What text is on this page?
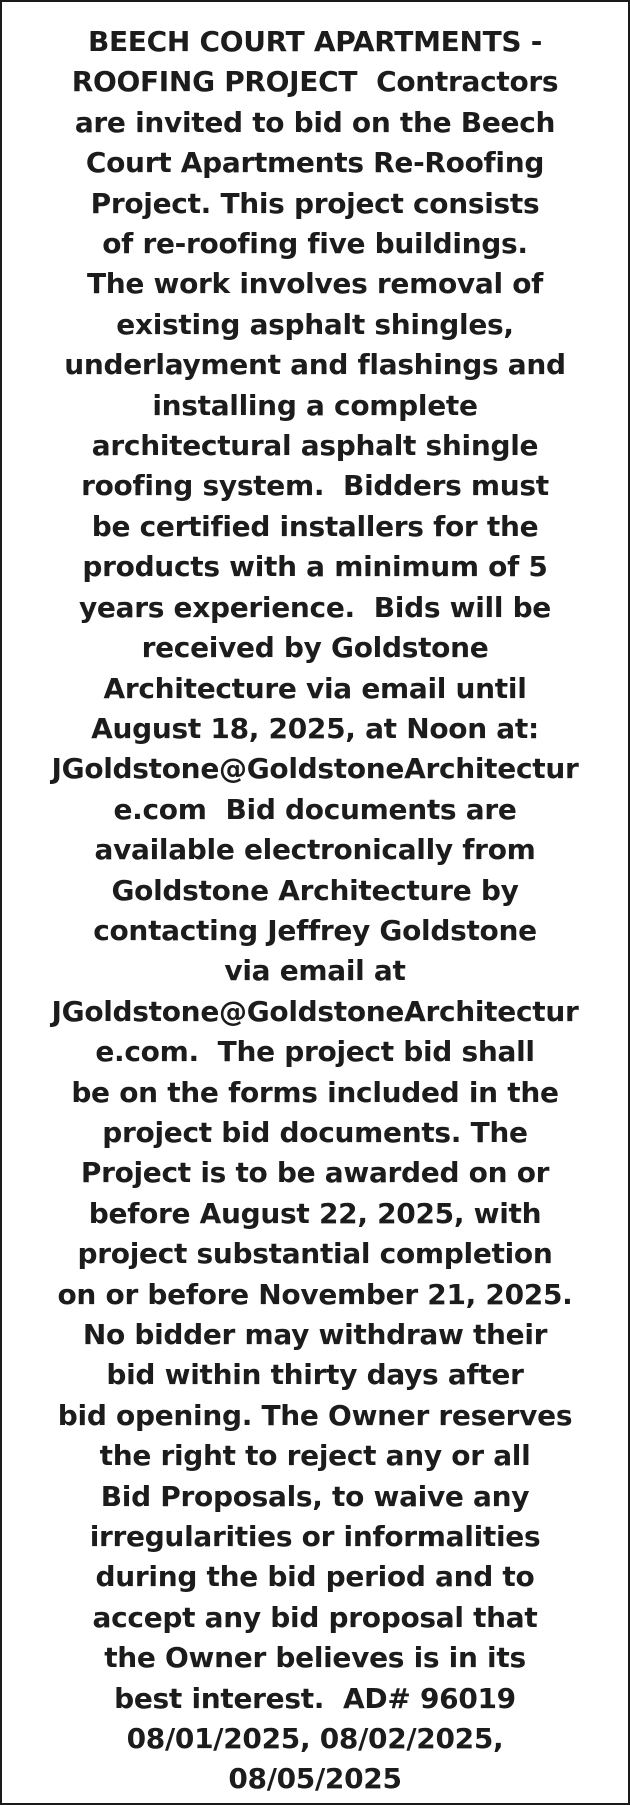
BEECH COURT APARTMENTS -
ROOFING PROJECT  Contractors
are invited to bid on the Beech
Court Apartments Re-Roofing
Project. This project consists
of re-roofing five buildings.
The work involves removal of
existing asphalt shingles,
underlayment and flashings and
installing a complete
architectural asphalt shingle
roofing system.  Bidders must
be certified installers for the
products with a minimum of 5
years experience.  Bids will be
received by Goldstone
Architecture via email until
August 18, 2025, at Noon at:
JGoldstone@GoldstoneArchitectur
e.com  Bid documents are
available electronically from
Goldstone Architecture by
contacting Jeffrey Goldstone
via email at
JGoldstone@GoldstoneArchitectur
e.com.  The project bid shall
be on the forms included in the
project bid documents. The
Project is to be awarded on or
before August 22, 2025, with
project substantial completion
on or before November 21, 2025.
No bidder may withdraw their
bid within thirty days after
bid opening. The Owner reserves
the right to reject any or all
Bid Proposals, to waive any
irregularities or informalities
during the bid period and to
accept any bid proposal that
the Owner believes is in its
best interest.  AD# 96019
08/01/2025, 08/02/2025,
08/05/2025
